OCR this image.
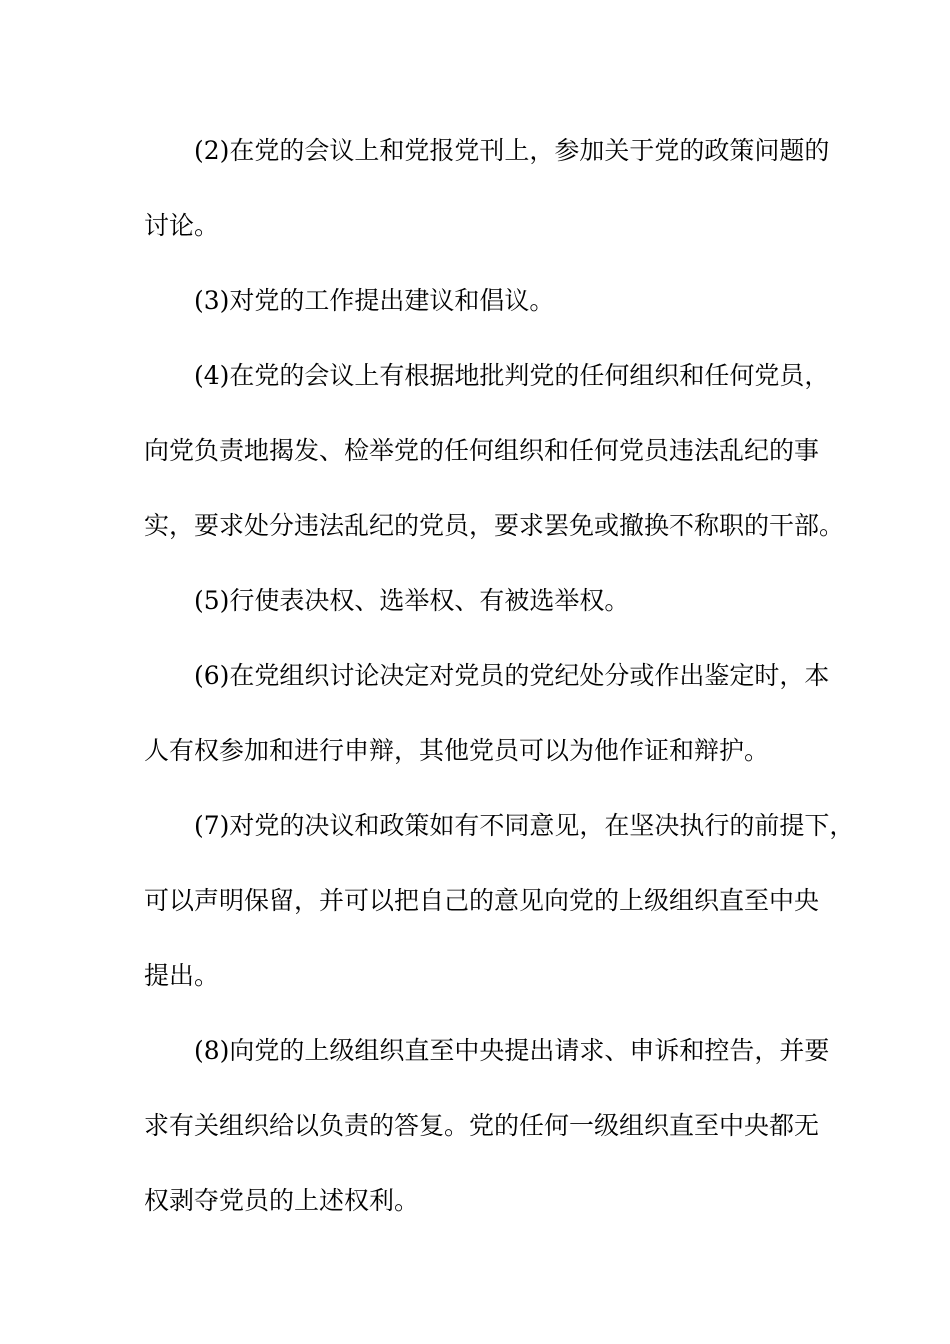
(2)在党的会议上和党报党刊上，参加关于党的政策问题的
讨论。
(3)对党的工作提出建议和倡议。
(4)在党的会议上有根据地批判党的任何组织和任何党员，
向党负责地揭发、检举党的任何组织和任何党员违法乱纪的事
实，要求处分违法乱纪的党员，要求罢免或撤换不称职的干部。
(5)行使表决权、选举权、有被选举权。
(6)在党组织讨论决定对党员的党纪处分或作出鉴定时，本
人有权参加和进行申辩，其他党员可以为他作证和辩护。
(7)对党的决议和政策如有不同意见，在坚决执行的前提下，
可以声明保留，并可以把自己的意见向党的上级组织直至中央
提出。
(8)向党的上级组织直至中央提出请求、申诉和控告，并要
求有关组织给以负责的答复。党的任何一级组织直至中央都无
权剥夺党员的上述权利。
